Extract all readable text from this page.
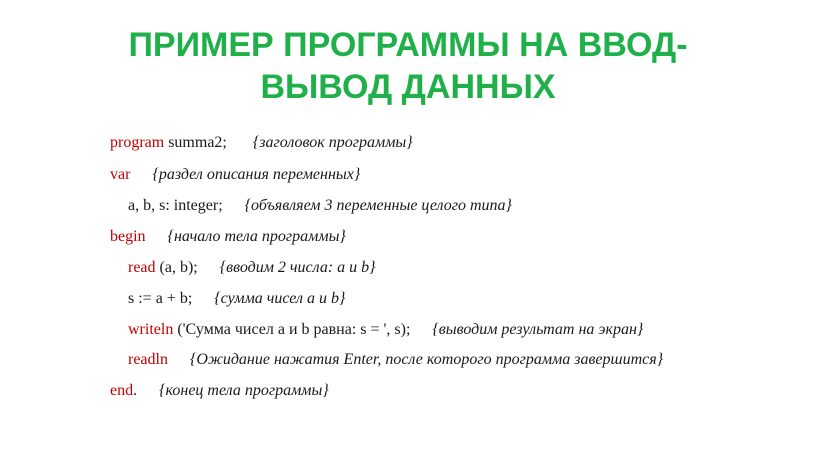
ПРИМЕР ПРОГРАММЫ НА ВВОД-
ВЫВОД ДАННЫХ
program summa2; {заголовок программы}
var {раздел описания переменных}
a, b, s: integer; {объявляем 3 переменные целого типа}
begin {начало тела программы}
read (a, b); {вводим 2 числа: a и b}
s := a + b; {сумма чисел a и b}
writeln ('Сумма чисел a и b равна: s = ', s); {выводим результат на экран}
readln {Ожидание нажатия Enter, после которого программа завершится}
end. {конец тела программы}
